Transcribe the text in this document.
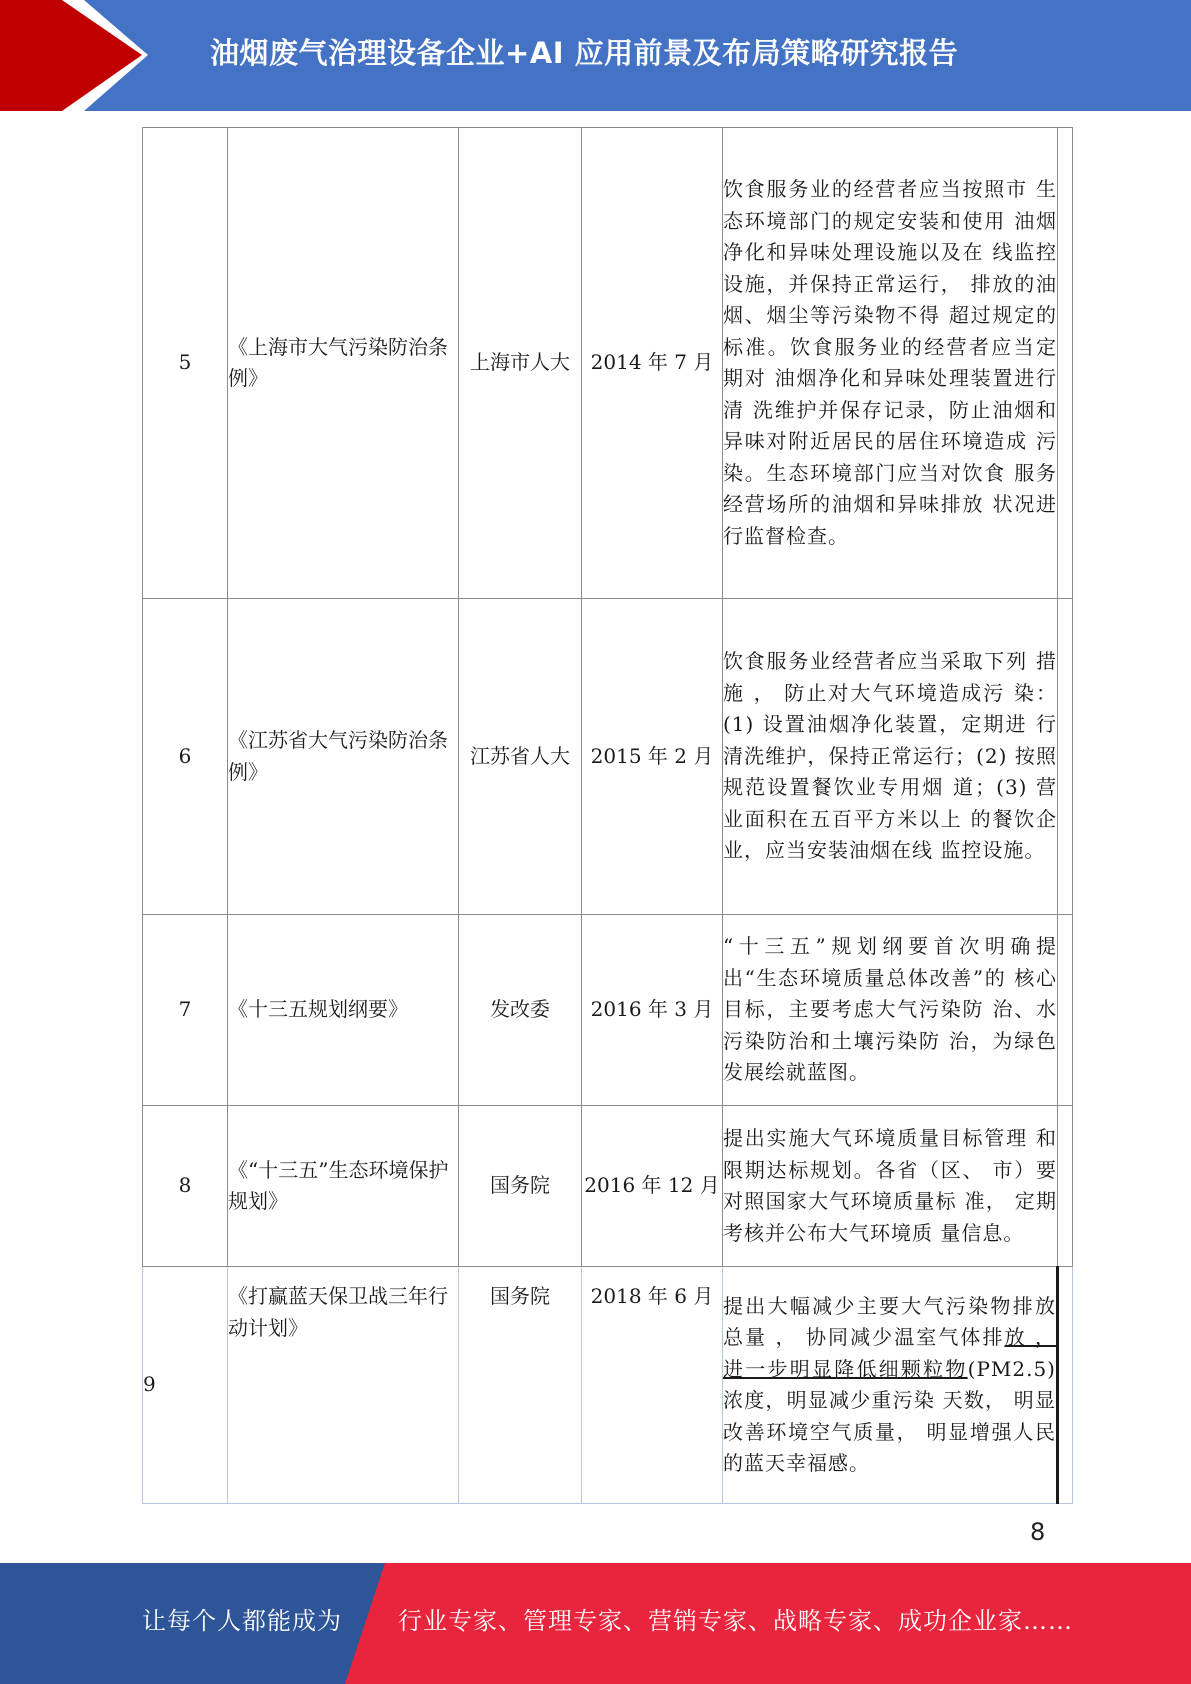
油烟废气治理设备企业+AI 应用前景及布局策略研究报告
5	《上海市大气污染防治条例》	上海市人大	2014 年 7 月	饮食服务业的经营者应当按照市 生态环境部门的规定安装和使用 油烟净化和异味处理设施以及在 线监控设施，并保持正常运行， 排放的油烟、烟尘等污染物不得 超过规定的标准。饮食服务业的经营者应当定期对 油烟净化和异味处理装置进行清 洗维护并保存记录，防止油烟和 异味对附近居民的居住环境造成 污染。生态环境部门应当对饮食 服务经营场所的油烟和异味排放 状况进行监督检查。	
6	《江苏省大气污染防治条例》	江苏省人大	2015 年 2 月	饮食服务业经营者应当采取下列 措施 ， 防止对大气环境造成污 染：(1) 设置油烟净化装置，定期进 行清洗维护，保持正常运行；(2) 按照规范设置餐饮业专用烟 道；(3) 营业面积在五百平方米以上 的餐饮企业，应当安装油烟在线 监控设施。	
7	《十三五规划纲要》	发改委	2016 年 3 月	“十三五”规划纲要首次明确提 出“生态环境质量总体改善”的 核心目标，主要考虑大气污染防 治、水污染防治和土壤污染防 治，为绿色发展绘就蓝图。	
8	《“十三五”生态环境保护规划》	国务院	2016 年 12 月	提出实施大气环境质量目标管理 和限期达标规划。各省（区、 市）要对照国家大气环境质量标 准， 定期考核并公布大气环境质 量信息。	
9	《打赢蓝天保卫战三年行动计划》	国务院	2018 年 6 月	提出大幅减少主要大气污染物排放总量 ， 协同减少温室气体排放 ，进一步明显降低细颗粒物(PM2.5) 浓度，明显减少重污染 天数， 明显改善环境空气质量， 明显增强人民的蓝天幸福感。	
8
让每个人都能成为 行业专家、管理专家、营销专家、战略专家、成功企业家……
